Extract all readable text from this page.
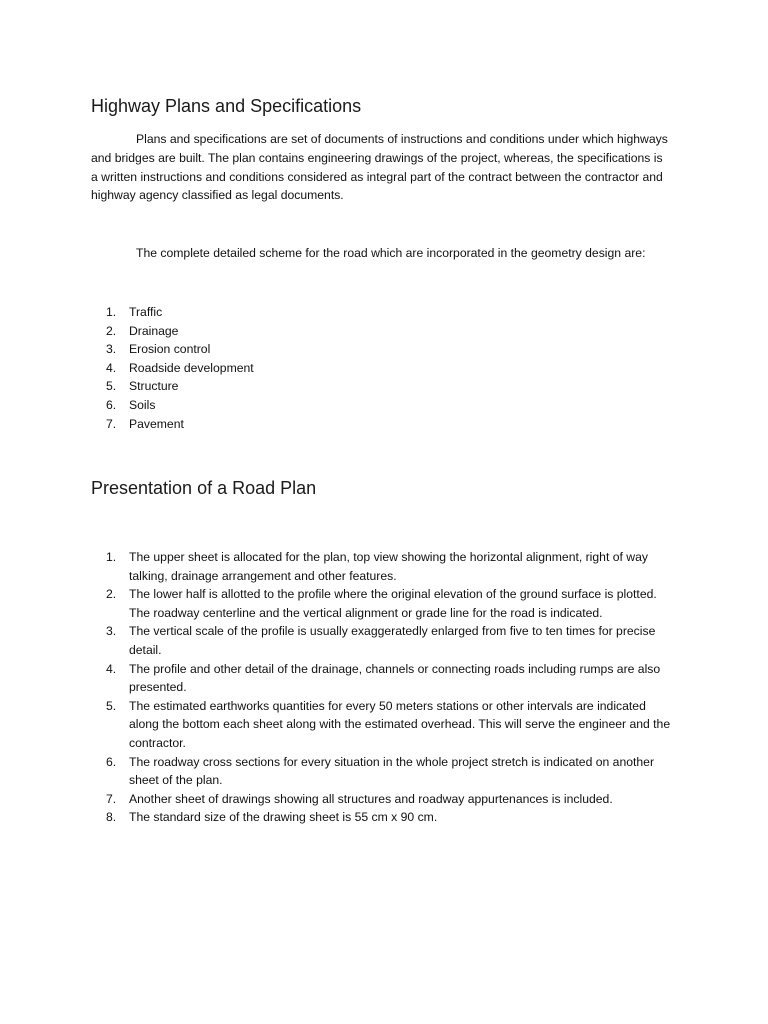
Highway Plans and Specifications

Plans and specifications are set of documents of instructions and conditions under which highways and bridges are built. The plan contains engineering drawings of the project, whereas, the specifications is a written instructions and conditions considered as integral part of the contract between the contractor and highway agency classified as legal documents.

The complete detailed scheme for the road which are incorporated in the geometry design are:

1. Traffic
2. Drainage
3. Erosion control
4. Roadside development
5. Structure
6. Soils
7. Pavement
Presentation of a Road Plan
1. The upper sheet is allocated for the plan, top view showing the horizontal alignment, right of way talking, drainage arrangement and other features.
2. The lower half is allotted to the profile where the original elevation of the ground surface is plotted. The roadway centerline and the vertical alignment or grade line for the road is indicated.
3. The vertical scale of the profile is usually exaggeratedly enlarged from five to ten times for precise detail.
4. The profile and other detail of the drainage, channels or connecting roads including rumps are also presented.
5. The estimated earthworks quantities for every 50 meters stations or other intervals are indicated along the bottom each sheet along with the estimated overhead. This will serve the engineer and the contractor.
6. The roadway cross sections for every situation in the whole project stretch is indicated on another sheet of the plan.
7. Another sheet of drawings showing all structures and roadway appurtenances is included.
8. The standard size of the drawing sheet is 55 cm x 90 cm.
